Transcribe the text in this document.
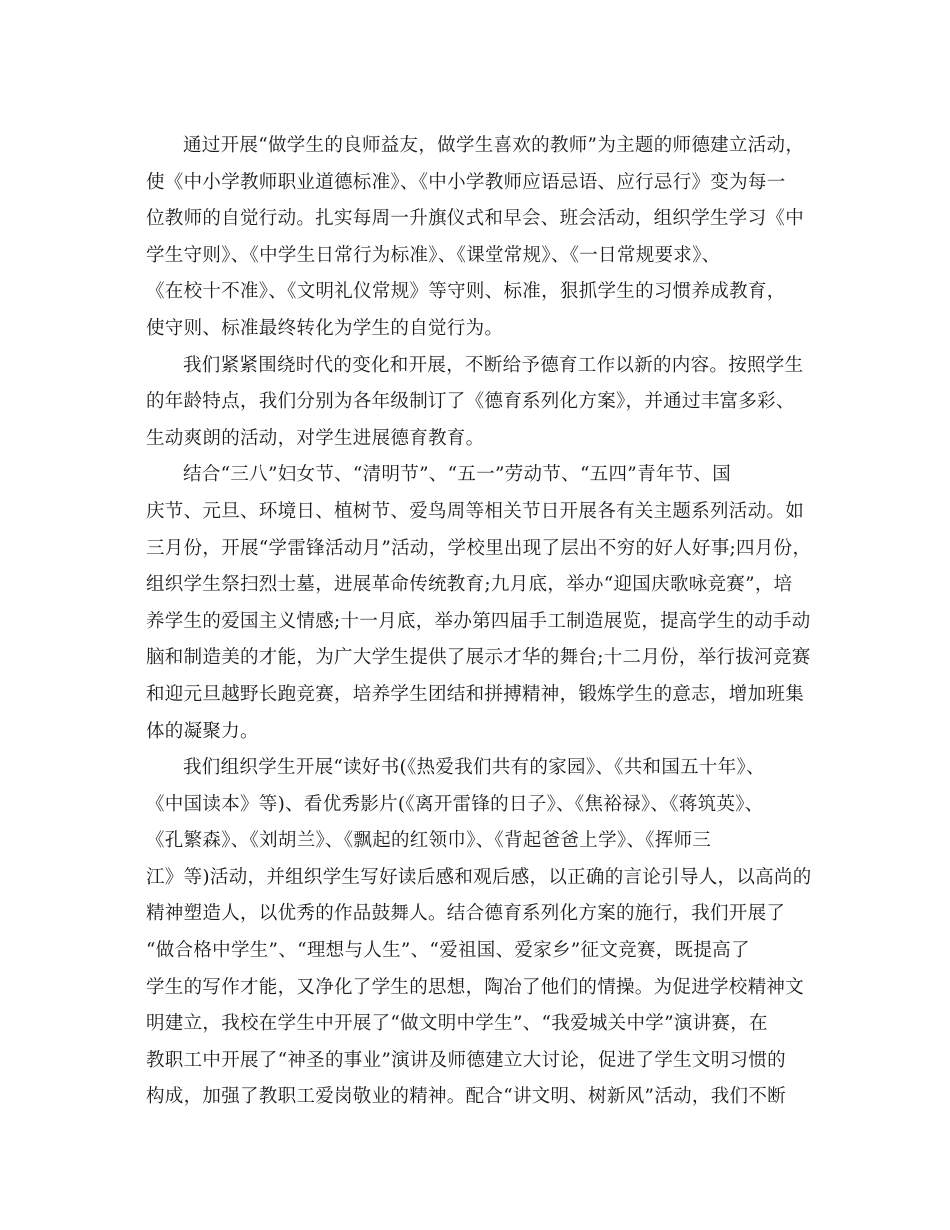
通过开展“做学生的良师益友，做学生喜欢的教师”为主题的师德建立活动，
使《中小学教师职业道德标准》、《中小学教师应语忌语、应行忌行》变为每一
位教师的自觉行动。扎实每周一升旗仪式和早会、班会活动，组织学生学习《中
学生守则》、《中学生日常行为标准》、《课堂常规》、《一日常规要求》、
《在校十不准》、《文明礼仪常规》等守则、标准，狠抓学生的习惯养成教育，
使守则、标准最终转化为学生的自觉行为。
我们紧紧围绕时代的变化和开展，不断给予德育工作以新的内容。按照学生
的年龄特点，我们分别为各年级制订了《德育系列化方案》，并通过丰富多彩、
生动爽朗的活动，对学生进展德育教育。
结合“三八”妇女节、“清明节”、“五一”劳动节、“五四”青年节、国
庆节、元旦、环境日、植树节、爱鸟周等相关节日开展各有关主题系列活动。如
三月份，开展“学雷锋活动月”活动，学校里出现了层出不穷的好人好事;四月份，
组织学生祭扫烈士墓，进展革命传统教育;九月底，举办“迎国庆歌咏竞赛”，培
养学生的爱国主义情感;十一月底，举办第四届手工制造展览，提高学生的动手动
脑和制造美的才能，为广大学生提供了展示才华的舞台;十二月份，举行拔河竞赛
和迎元旦越野长跑竞赛，培养学生团结和拼搏精神，锻炼学生的意志，增加班集
体的凝聚力。
我们组织学生开展“读好书(《热爱我们共有的家园》、《共和国五十年》、
《中国读本》等)、看优秀影片(《离开雷锋的日子》、《焦裕禄》、《蒋筑英》、
《孔繁森》、《刘胡兰》、《飘起的红领巾》、《背起爸爸上学》、《挥师三
江》等)活动，并组织学生写好读后感和观后感，以正确的言论引导人，以高尚的
精神塑造人，以优秀的作品鼓舞人。结合德育系列化方案的施行，我们开展了
“做合格中学生”、“理想与人生”、“爱祖国、爱家乡”征文竞赛，既提高了
学生的写作才能，又净化了学生的思想，陶冶了他们的情操。为促进学校精神文
明建立，我校在学生中开展了“做文明中学生”、“我爱城关中学”演讲赛，在
教职工中开展了“神圣的事业”演讲及师德建立大讨论，促进了学生文明习惯的
构成，加强了教职工爱岗敬业的精神。配合“讲文明、树新风”活动，我们不断
